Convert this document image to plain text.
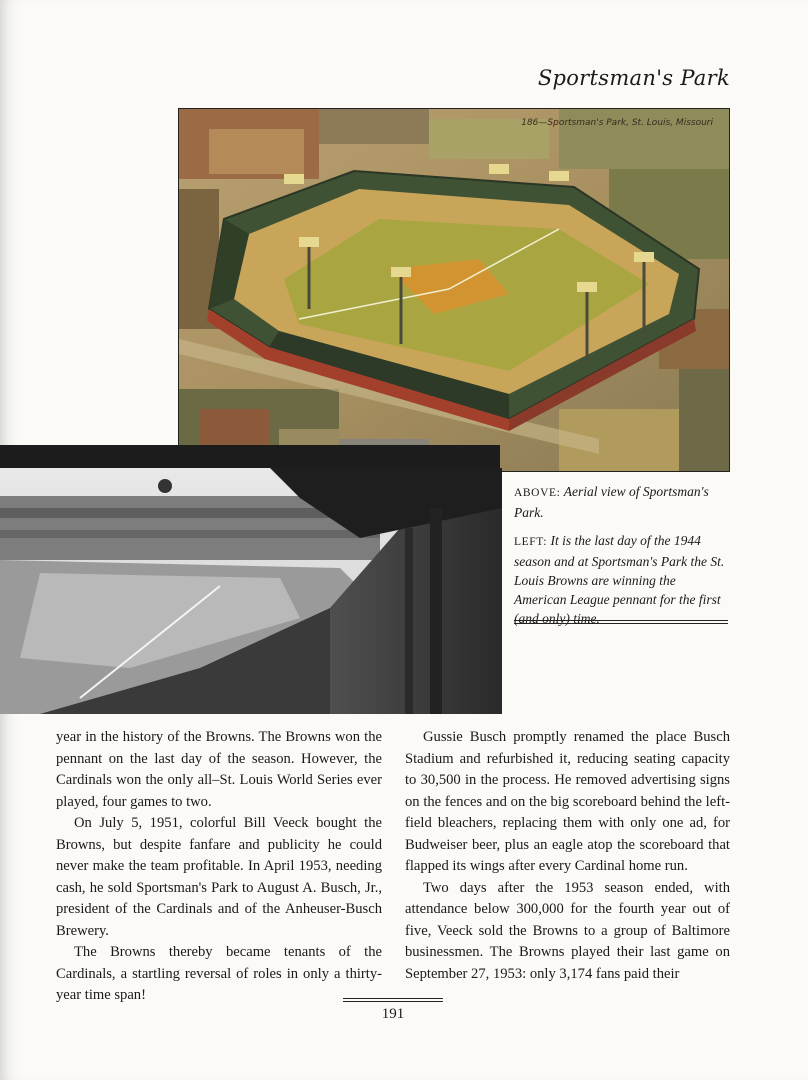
Sportsman's Park
186—Sportsman's Park, St. Louis, Missouri

ABOVE: Aerial view of Sportsman's Park.

LEFT: It is the last day of the 1944 season and at Sportsman's Park the St. Louis Browns are winning the American League pennant for the first (and only) time.

year in the history of the Browns. The Browns won the pennant on the last day of the season. However, the Cardinals won the only all–St. Louis World Series ever played, four games to two.

On July 5, 1951, colorful Bill Veeck bought the Browns, but despite fanfare and publicity he could never make the team profitable. In April 1953, needing cash, he sold Sportsman's Park to August A. Busch, Jr., president of the Cardinals and of the Anheuser-Busch Brewery.

The Browns thereby became tenants of the Cardinals, a startling reversal of roles in only a thirty-year time span!

Gussie Busch promptly renamed the place Busch Stadium and refurbished it, reducing seating capacity to 30,500 in the process. He removed advertising signs on the fences and on the big scoreboard behind the left-field bleachers, replacing them with only one ad, for Budweiser beer, plus an eagle atop the scoreboard that flapped its wings after every Cardinal home run.

Two days after the 1953 season ended, with attendance below 300,000 for the fourth year out of five, Veeck sold the Browns to a group of Baltimore businessmen. The Browns played their last game on September 27, 1953: only 3,174 fans paid their

191
